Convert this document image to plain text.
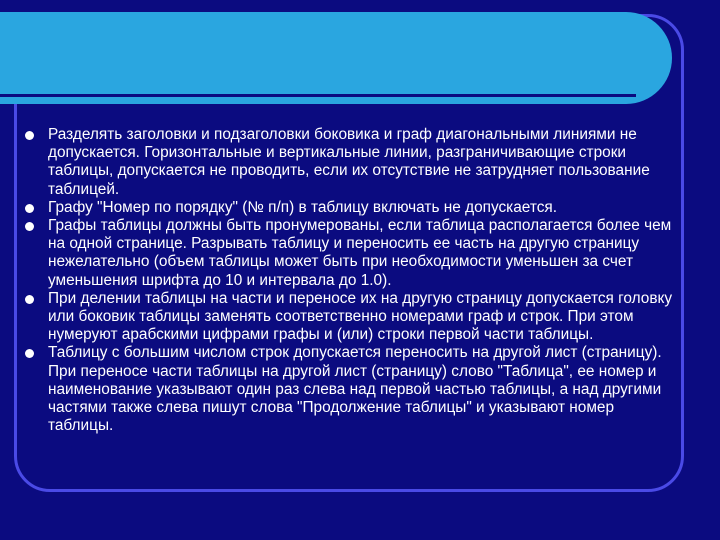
Разделять заголовки и подзаголовки боковика и граф диагональными линиями не допускается. Горизонтальные и вертикальные линии, разграничивающие строки таблицы, допускается не проводить, если их отсутствие не затрудняет пользование таблицей.
Графу "Номер по порядку" (№ п/п) в таблицу включать не допускается.
Графы таблицы должны быть пронумерованы, если таблица располагается более чем на одной странице. Разрывать таблицу и переносить ее часть на другую страницу нежелательно (объем таблицы может быть при необходимости уменьшен за счет уменьшения шрифта до 10 и интервала до 1.0).
При делении таблицы на части и переносе их на другую страницу допускается головку или боковик таблицы заменять соответственно номерами граф и строк. При этом нумеруют арабскими цифрами графы и (или) строки первой части таблицы.
Таблицу с большим числом строк допускается переносить на другой лист (страницу). При переносе части таблицы на другой лист (страницу) слово "Таблица", ее номер и наименование указывают один раз слева над первой частью таблицы, а над другими частями также слева пишут слова "Продолжение таблицы" и указывают номер таблицы.
